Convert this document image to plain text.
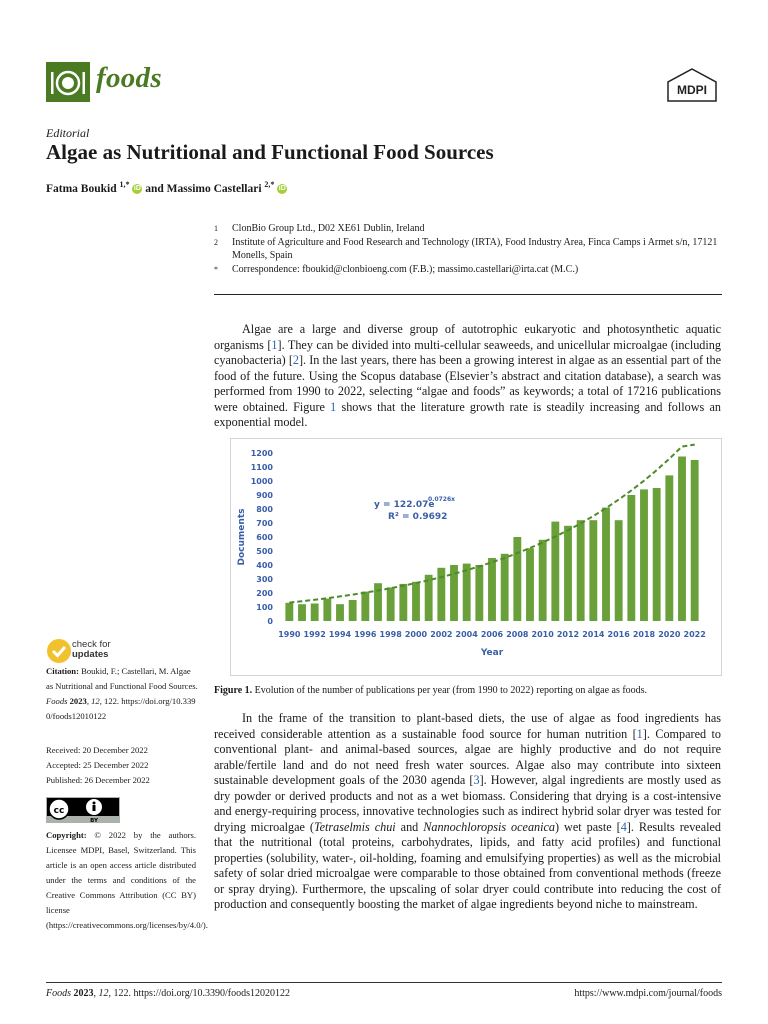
foods	MDPI
Editorial
Algae as Nutritional and Functional Food Sources
Fatma Boukid $^{1,*}$ iD and Massimo Castellari $^{2,*}$ iD
1	ClonBio Group Ltd., D02 XE61 Dublin, Ireland
2	Institute of Agriculture and Food Research and Technology (IRTA), Food Industry Area, Finca Camps i Armet s/n, 17121 Monells, Spain
*	Correspondence: fboukid@clonbioeng.com (F.B.); massimo.castellari@irta.cat (M.C.)
Algae are a large and diverse group of autotrophic eukaryotic and photosynthetic aquatic organisms [1]. They can be divided into multi-cellular seaweeds, and unicellular microalgae (including cyanobacteria) [2]. In the last years, there has been a growing interest in algae as an essential part of the food of the future. Using the Scopus database (Elsevier’s abstract and citation database), a search was performed from 1990 to 2022, selecting “algae and foods” as keywords; a total of 17216 publications were obtained. Figure 1 shows that the literature growth rate is steadily increasing and follows an exponential model.
0
100
200
300
400
500
600
700
800
900
1000
1100
1200
1990 1992 1994 1996 1998 2000 2002 2004 2006 2008 2010 2012 2014 2016 2018 2020 2022
Year
Documents
y = 122.07e
0.0726x
R² = 0.9692
Figure 1. Evolution of the number of publications per year (from 1990 to 2022) reporting on algae as foods.
In the frame of the transition to plant-based diets, the use of algae as food ingredients has received considerable attention as a sustainable food source for human nutrition [1]. Compared to conventional plant- and animal-based sources, algae are highly productive and do not require arable/fertile land and do not need fresh water sources. Algae also may contribute into sixteen sustainable development goals of the 2030 agenda [3]. However, algal ingredients are mostly used as dry powder or derived products and not as a wet biomass. Considering that drying is a cost-intensive and energy-requiring process, innovative technologies such as indirect hybrid solar dryer was tested for drying microalgae (Tetraselmis chui and Nannochloropsis oceanica) wet paste [4]. Results revealed that the nutritional (total proteins, carbohydrates, lipids, and fatty acid profiles) and functional properties (solubility, water-, oil-holding, foaming and emulsifying properties) as well as the microbial safety of solar dried microalgae were comparable to those obtained from conventional methods (freeze or spray drying). Furthermore, the upscaling of solar dryer could contribute into reducing the cost of production and consequently boosting the market of algae ingredients beyond niche to mainstream.
check for
updates

Citation: Boukid, F.; Castellari, M. Algae as Nutritional and Functional Food Sources. Foods 2023, 12, 122. https://doi.org/10.3390/foods12010122

Received: 20 December 2022
Accepted: 25 December 2022
Published: 26 December 2022
cc
BY
Copyright: © 2022 by the authors. Licensee MDPI, Basel, Switzerland. This article is an open access article distributed under the terms and conditions of the Creative Commons Attribution (CC BY) license (https://creativecommons.org/licenses/by/4.0/).
Foods 2023, 12, 122. https://doi.org/10.3390/foods12020122	https://www.mdpi.com/journal/foods
